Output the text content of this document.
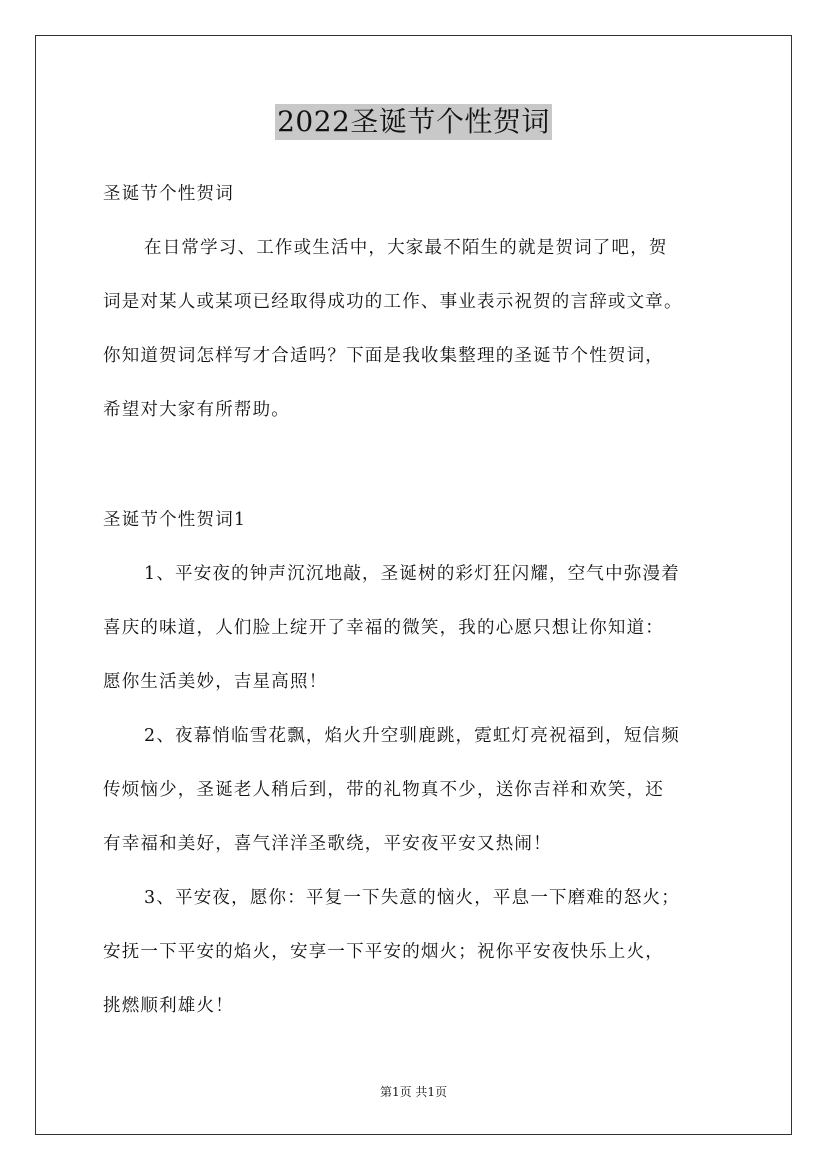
2022圣诞节个性贺词
圣诞节个性贺词
在日常学习、工作或生活中，大家最不陌生的就是贺词了吧，贺
词是对某人或某项已经取得成功的工作、事业表示祝贺的言辞或文章。
你知道贺词怎样写才合适吗？下面是我收集整理的圣诞节个性贺词，
希望对大家有所帮助。
圣诞节个性贺词1
1、平安夜的钟声沉沉地敲，圣诞树的彩灯狂闪耀，空气中弥漫着
喜庆的味道，人们脸上绽开了幸福的微笑，我的心愿只想让你知道：
愿你生活美妙，吉星高照！
2、夜幕悄临雪花飘，焰火升空驯鹿跳，霓虹灯亮祝福到，短信频
传烦恼少，圣诞老人稍后到，带的礼物真不少，送你吉祥和欢笑，还
有幸福和美好，喜气洋洋圣歌绕，平安夜平安又热闹！
3、平安夜，愿你：平复一下失意的恼火，平息一下磨难的怒火；
安抚一下平安的焰火，安享一下平安的烟火；祝你平安夜快乐上火，
挑燃顺利雄火！
第1页 共1页
